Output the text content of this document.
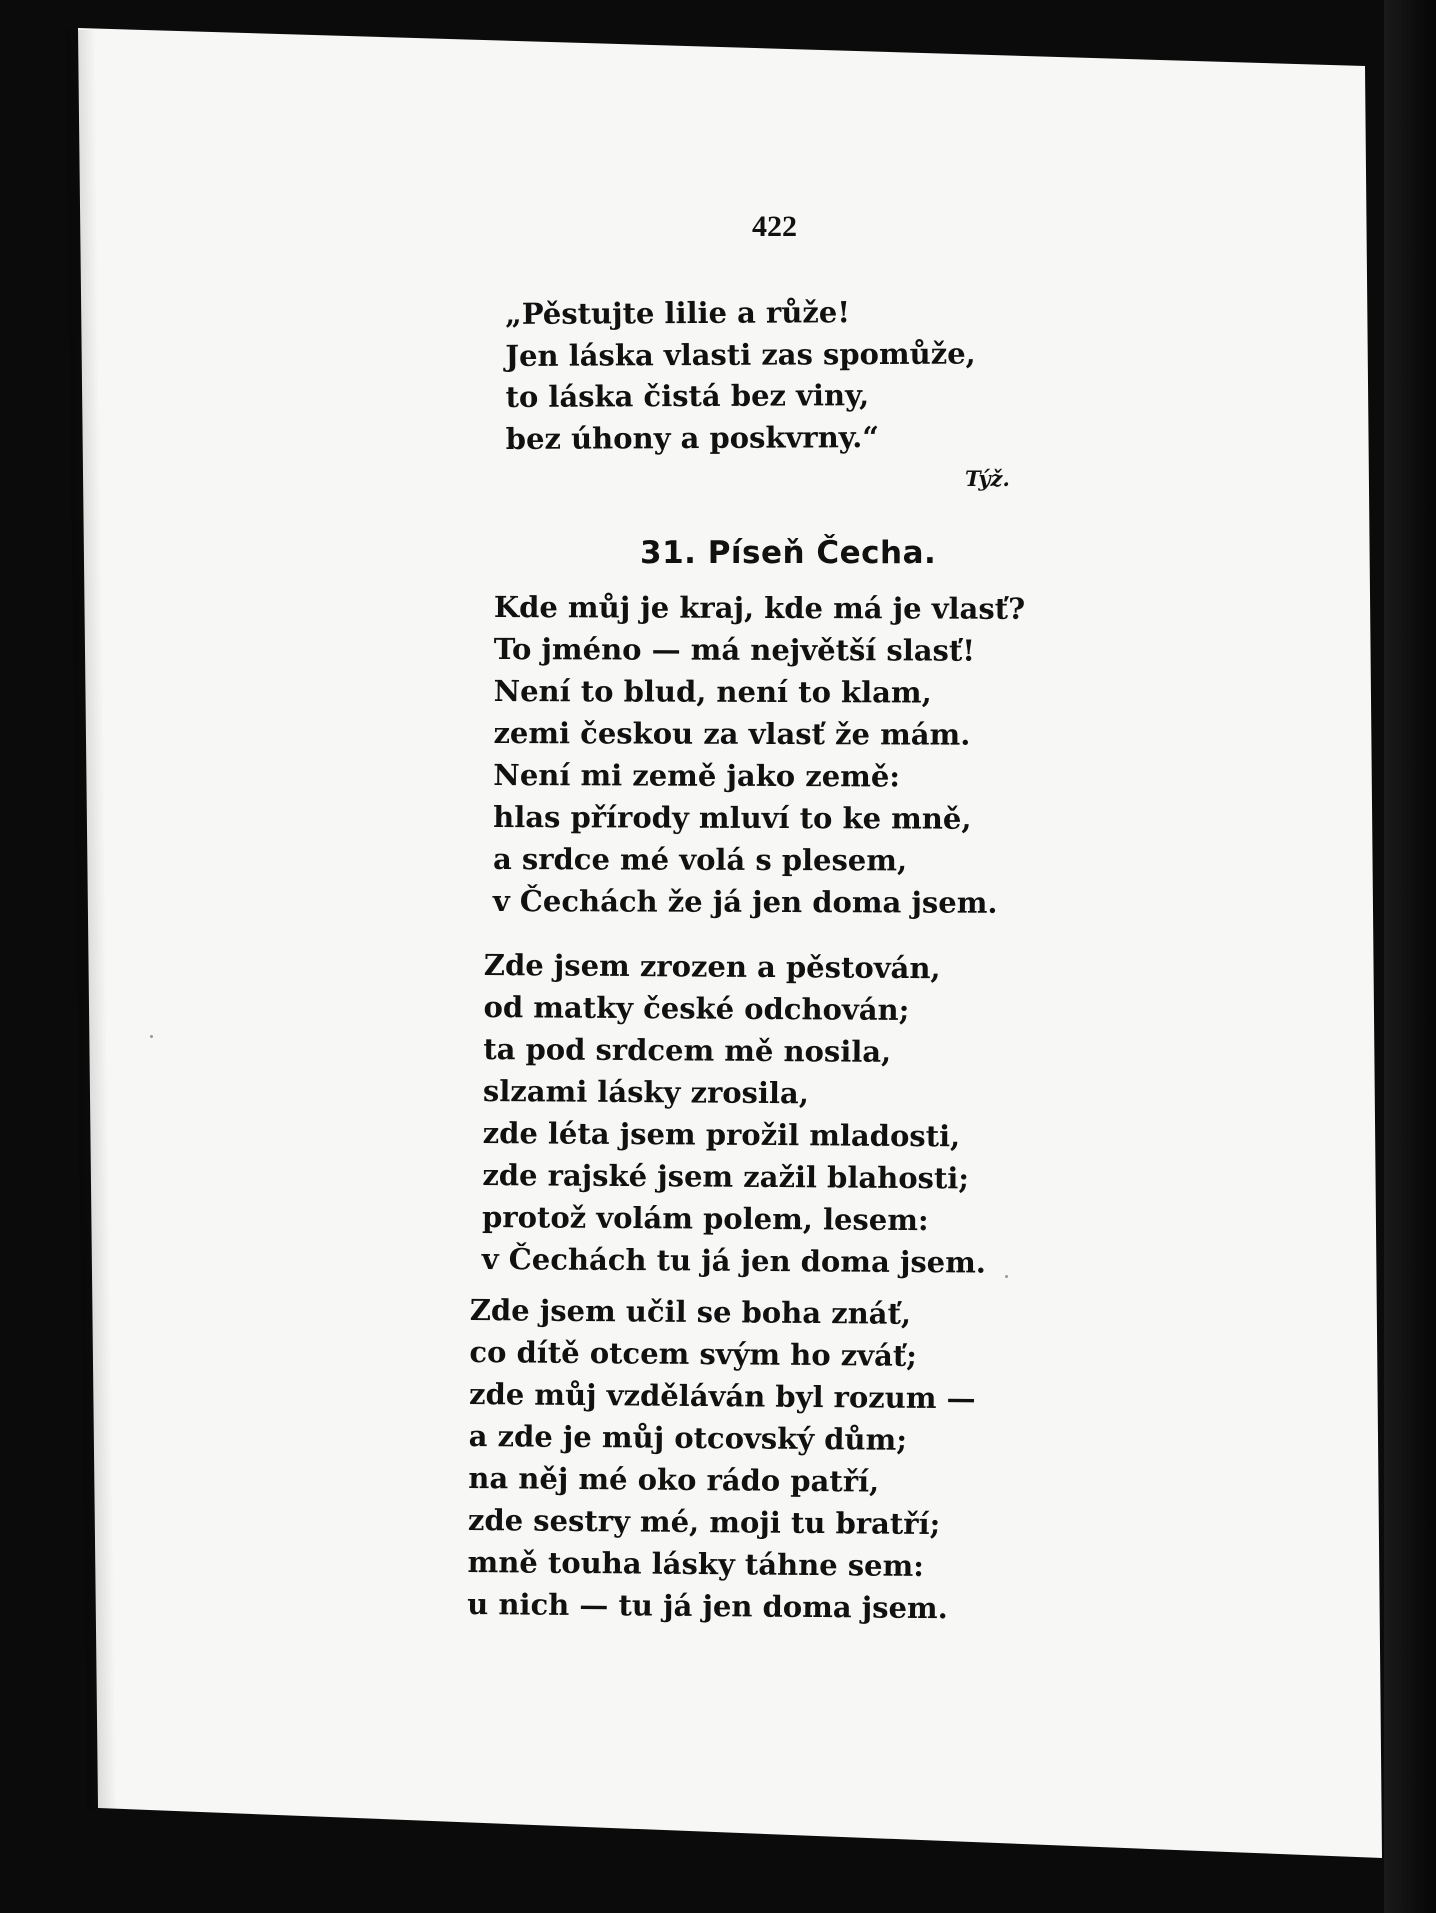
422

„Pěstujte lilie a růže!
Jen láska vlasti zas spomůže,
to láska čistá bez viny,
bez úhony a poskvrny.“

Týž.

31. Píseň Čecha.

Kde můj je kraj, kde má je vlasť?
To jméno — má největší slasť!
Není to blud, není to klam,
zemi českou za vlasť že mám.
Není mi země jako země:
hlas přírody mluví to ke mně,
a srdce mé volá s plesem,
v Čechách že já jen doma jsem.
Zde jsem zrozen a pěstován,
od matky české odchován;
ta pod srdcem mě nosila,
slzami lásky zrosila,
zde léta jsem prožil mladosti,
zde rajské jsem zažil blahosti;
protož volám polem, lesem:
v Čechách tu já jen doma jsem.
Zde jsem učil se boha znáť,
co dítě otcem svým ho zváť;
zde můj vzděláván byl rozum —
a zde je můj otcovský dům;
na něj mé oko rádo patří,
zde sestry mé, moji tu bratří;
mně touha lásky táhne sem:
u nich — tu já jen doma jsem.
